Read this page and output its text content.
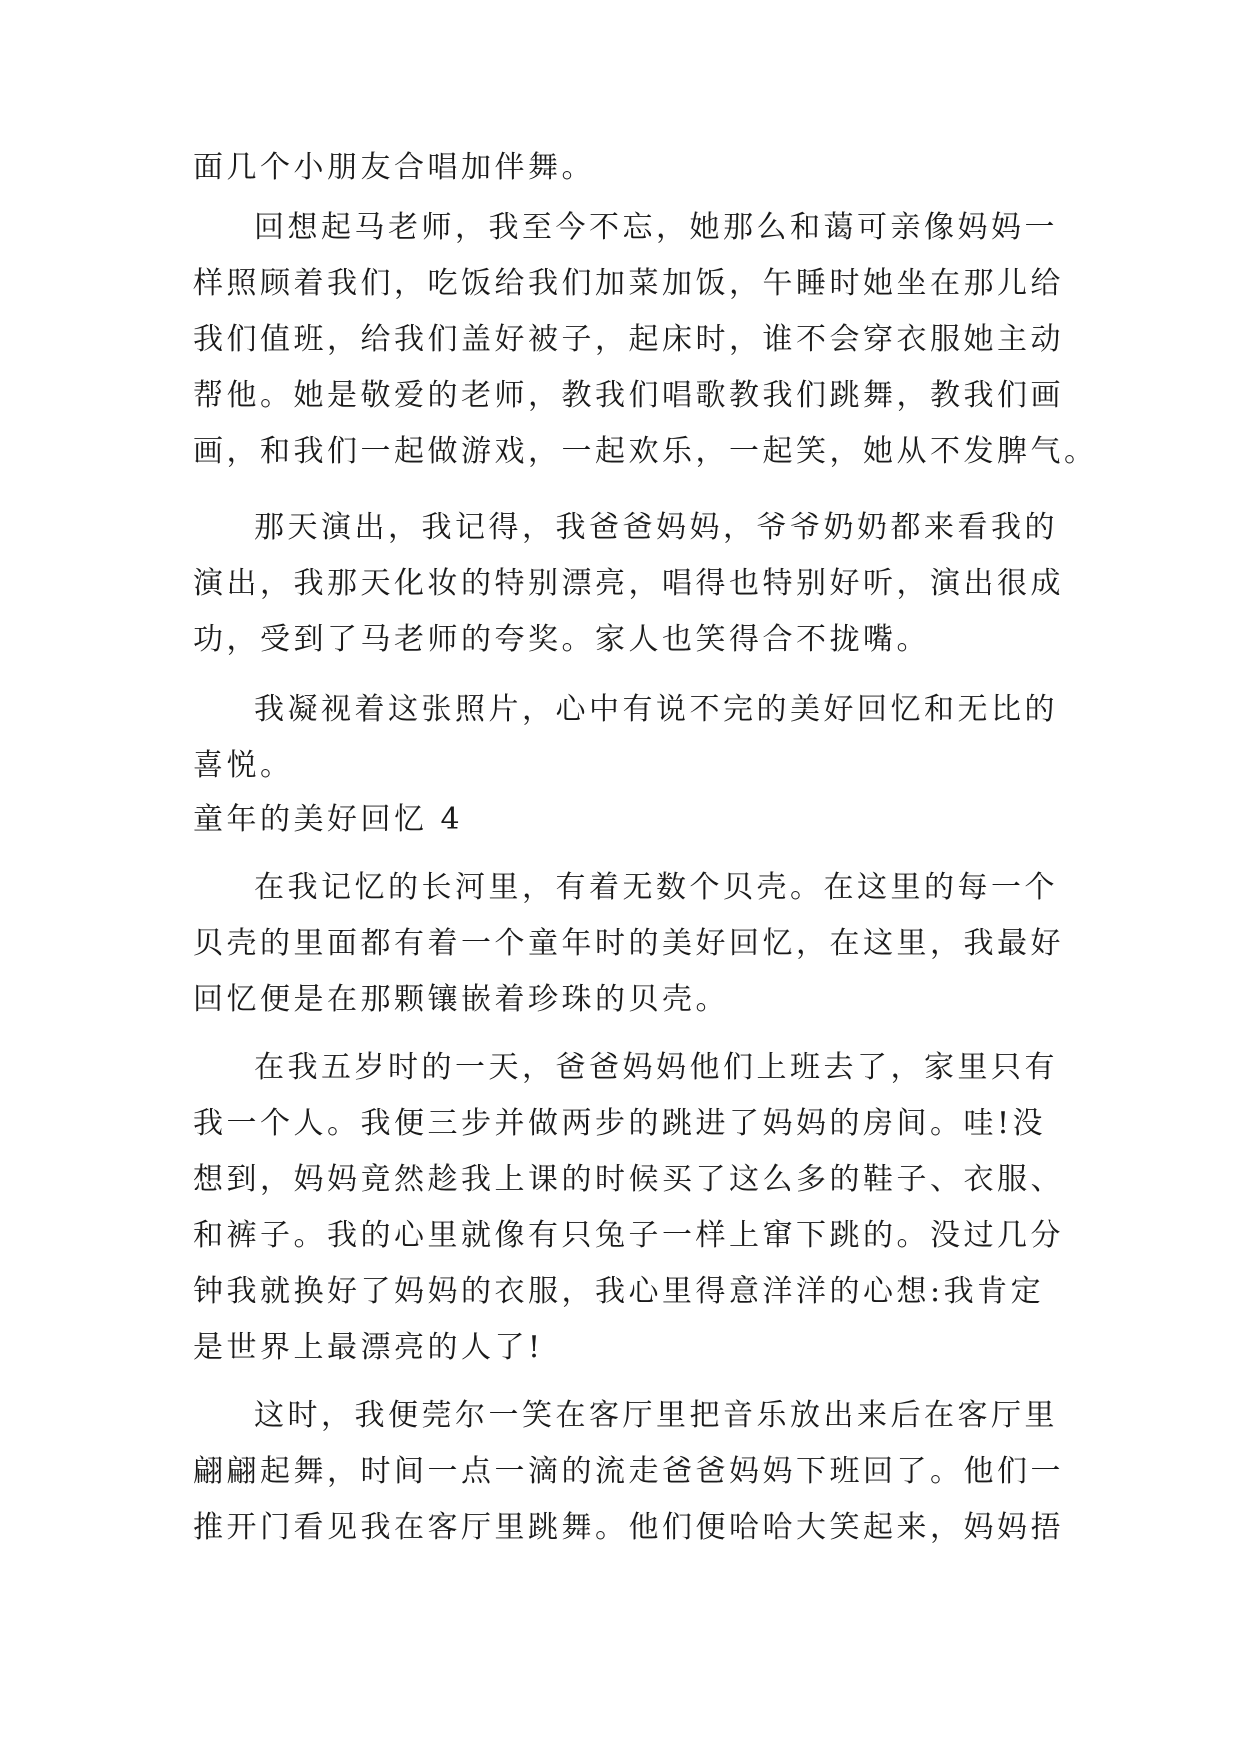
面几个小朋友合唱加伴舞。
回想起马老师，我至今不忘，她那么和蔼可亲像妈妈一
样照顾着我们，吃饭给我们加菜加饭，午睡时她坐在那儿给
我们值班，给我们盖好被子，起床时，谁不会穿衣服她主动
帮他。她是敬爱的老师，教我们唱歌教我们跳舞，教我们画
画，和我们一起做游戏，一起欢乐，一起笑，她从不发脾气。
那天演出，我记得，我爸爸妈妈，爷爷奶奶都来看我的
演出，我那天化妆的特别漂亮，唱得也特别好听，演出很成
功，受到了马老师的夸奖。家人也笑得合不拢嘴。
我凝视着这张照片，心中有说不完的美好回忆和无比的
喜悦。
童年的美好回忆 4
在我记忆的长河里，有着无数个贝壳。在这里的每一个
贝壳的里面都有着一个童年时的美好回忆，在这里，我最好
回忆便是在那颗镶嵌着珍珠的贝壳。
在我五岁时的一天，爸爸妈妈他们上班去了，家里只有
我一个人。我便三步并做两步的跳进了妈妈的房间。哇!没
想到，妈妈竟然趁我上课的时候买了这么多的鞋子、衣服、
和裤子。我的心里就像有只兔子一样上窜下跳的。没过几分
钟我就换好了妈妈的衣服，我心里得意洋洋的心想:我肯定
是世界上最漂亮的人了!
这时，我便莞尔一笑在客厅里把音乐放出来后在客厅里
翩翩起舞，时间一点一滴的流走爸爸妈妈下班回了。他们一
推开门看见我在客厅里跳舞。他们便哈哈大笑起来，妈妈捂
